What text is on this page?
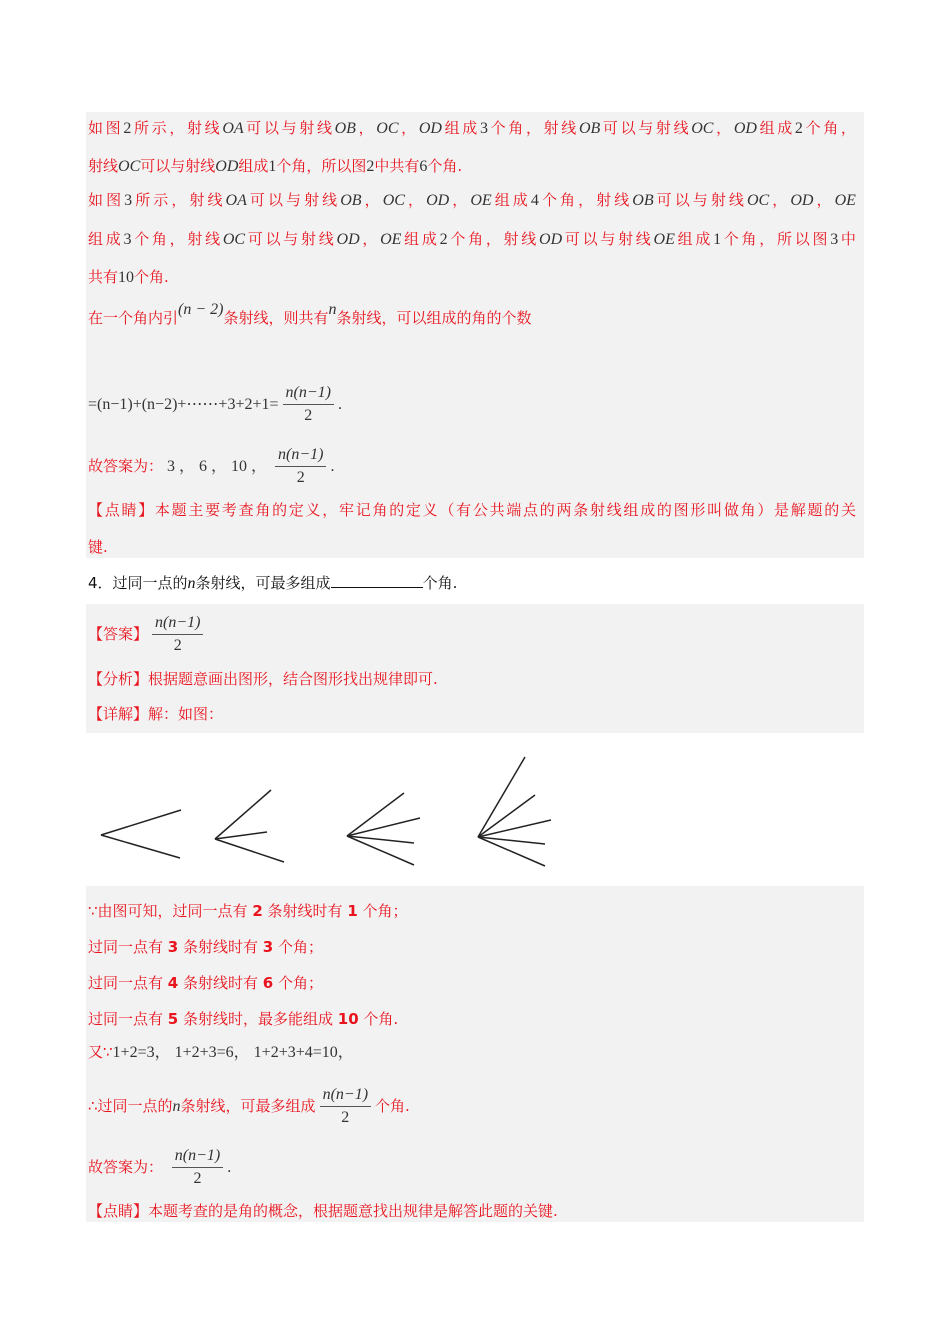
如图2所示，射线OA可以与射线OB，OC，OD组成3个角，射线OB可以与射线OC，OD组成2个角，
射线OC可以与射线OD组成1个角，所以图2中共有6个角.
如图3所示，射线OA可以与射线OB，OC，OD，OE组成4个角，射线OB可以与射线OC，OD，OE
组成3个角，射线OC可以与射线OD，OE组成2个角，射线OD可以与射线OE组成1个角，所以图3中
共有10个角.
在一个角内引(n − 2)条射线，则共有n条射线，可以组成的角的个数
=(n−1)+(n−2)+⋯⋯+3+2+1= $\frac{n(n-1)}{2}$ .
故答案为： 3 ， 6 ， 10 ， $\frac{n(n-1)}{2}$ .
【点睛】本题主要考查角的定义，牢记角的定义（有公共端点的两条射线组成的图形叫做角）是解题的关
键.
4．过同一点的n条射线，可最多组成	个角.
【答案】 $\frac{n(n-1)}{2}$
【分析】根据题意画出图形，结合图形找出规律即可.
【详解】解：如图：
∵由图可知，过同一点有 2 条射线时有 1 个角；
过同一点有 3 条射线时有 3 个角；
过同一点有 4 条射线时有 6 个角；
过同一点有 5 条射线时，最多能组成 10 个角.
又∵1+2=3， 1+2+3=6， 1+2+3+4=10，
∴过同一点的n条射线，可最多组成 $\frac{n(n-1)}{2}$ 个角.
故答案为： $\frac{n(n-1)}{2}$ .
【点睛】本题考查的是角的概念，根据题意找出规律是解答此题的关键.
